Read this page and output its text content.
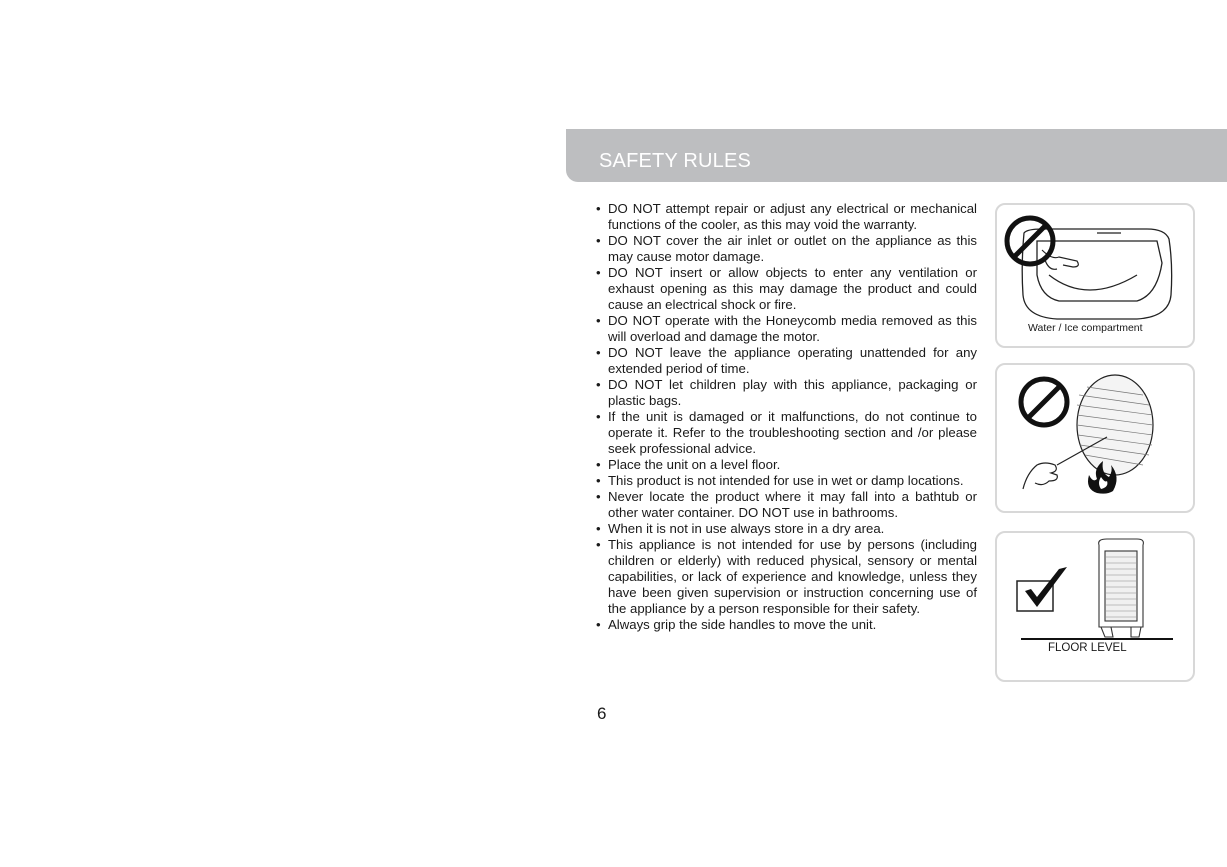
SAFETY RULES
• DO NOT attempt repair or adjust any electrical or mechanical functions of the cooler, as this may void the warranty.
• DO NOT cover the air inlet or outlet on the appliance as this may cause motor damage.
• DO NOT insert or allow objects to enter any ventilation or exhaust opening as this may damage the product and could cause an electrical shock or fire.
• DO NOT operate with the Honeycomb media removed as this will overload and damage the motor.
• DO NOT leave the appliance operating unattended for any extended period of time.
• DO NOT let children play with this appliance, packaging or plastic bags.
• If the unit is damaged or it malfunctions, do not continue to operate it. Refer to the troubleshooting section and /or please seek professional advice.
• Place the unit on a level floor.
• This product is not intended for use in wet or damp locations.
• Never locate the product where it may fall into a bathtub or other water container. DO NOT use in bathrooms.
• When it is not in use always store in a dry area.
• This appliance is not intended for use by persons (including children or elderly) with reduced physical, sensory or mental capabilities, or lack of experience and knowledge, unless they have been given supervision or instruction concerning use of the appliance by a person responsible for their safety.
• Always grip the side handles to move the unit.
Water / Ice compartment
FLOOR LEVEL
6
